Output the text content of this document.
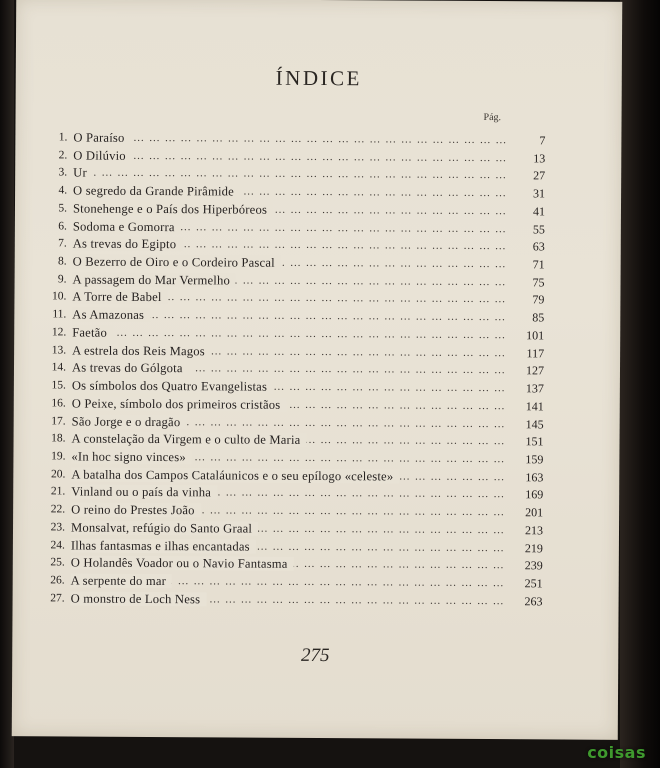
ÍNDICE
Pág.
1. … … … … … … … … … … … … … … … … … … … … … … … … … … … … … … … … … O Paraíso	7
2. … … … … … … … … … … … … … … … … … … … … … … … … … … … … … … … … … O Dilúvio	13
3. … … … … … … … … … … … … … … … … … … … … … … … … … … … … … … … … … Ur	27
4. … … … … … … … … … … … … … … … … … … … … … … … … … … … … … … … … … O segredo da Grande Pirâmide	31
5. … … … … … … … … … … … … … … … … … … … … … … … … … … … … … … … … … Stonehenge e o País dos Hiperbóreos	41
6. … … … … … … … … … … … … … … … … … … … … … … … … … … … … … … … … … Sodoma e Gomorra	55
7. … … … … … … … … … … … … … … … … … … … … … … … … … … … … … … … … … As trevas do Egipto	63
8. … … … … … … … … … … … … … … … … … … … … … … … … … … … … … … … … … O Bezerro de Oiro e o Cordeiro Pascal	71
9. … … … … … … … … … … … … … … … … … … … … … … … … … … … … … … … … … A passagem do Mar Vermelho	75
10. … … … … … … … … … … … … … … … … … … … … … … … … … … … … … … … … … A Torre de Babel	79
11. … … … … … … … … … … … … … … … … … … … … … … … … … … … … … … … … … As Amazonas	85
12. … … … … … … … … … … … … … … … … … … … … … … … … … … … … … … … … … Faetão	101
13. … … … … … … … … … … … … … … … … … … … … … … … … … … … … … … … … … A estrela dos Reis Magos	117
14. … … … … … … … … … … … … … … … … … … … … … … … … … … … … … … … … … As trevas do Gólgota	127
15. … … … … … … … … … … … … … … … … … … … … … … … … … … … … … … … … … Os símbolos dos Quatro Evangelistas	137
16. … … … … … … … … … … … … … … … … … … … … … … … … … … … … … … … … … O Peixe, símbolo dos primeiros cristãos	141
17. … … … … … … … … … … … … … … … … … … … … … … … … … … … … … … … … … São Jorge e o dragão	145
18. … … … … … … … … … … … … … … … … … … … … … … … … … … … … … … … … … A constelação da Virgem e o culto de Maria	151
19. … … … … … … … … … … … … … … … … … … … … … … … … … … … … … … … … … «In hoc signo vinces»	159
20. … … … … … … … … … … … … … … … … … … … … … … … … … … … … … … … … … A batalha dos Campos Cataláunicos e o seu epílogo «celeste»	163
21. … … … … … … … … … … … … … … … … … … … … … … … … … … … … … … … … … Vinland ou o país da vinha	169
22. … … … … … … … … … … … … … … … … … … … … … … … … … … … … … … … … … O reino do Prestes João	201
23. … … … … … … … … … … … … … … … … … … … … … … … … … … … … … … … … … Monsalvat, refúgio do Santo Graal	213
24. … … … … … … … … … … … … … … … … … … … … … … … … … … … … … … … … … Ilhas fantasmas e ilhas encantadas	219
25. … … … … … … … … … … … … … … … … … … … … … … … … … … … … … … … … … O Holandês Voador ou o Navio Fantasma	239
26. … … … … … … … … … … … … … … … … … … … … … … … … … … … … … … … … … A serpente do mar	251
27. … … … … … … … … … … … … … … … … … … … … … … … … … … … … … … … … … O monstro de Loch Ness	263
275
coisas
